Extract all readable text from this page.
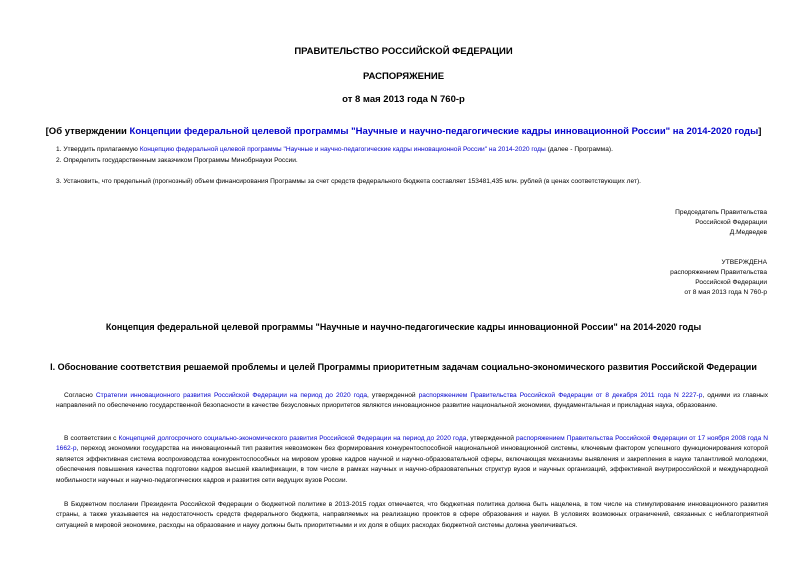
ПРАВИТЕЛЬСТВО РОССИЙСКОЙ ФЕДЕРАЦИИ
РАСПОРЯЖЕНИЕ
от 8 мая 2013 года N 760-р
[Об утверждении Концепции федеральной целевой программы "Научные и научно-педагогические кадры инновационной России" на 2014-2020 годы]
1. Утвердить прилагаемую Концепцию федеральной целевой программы "Научные и научно-педагогические кадры инновационной России" на 2014-2020 годы (далее - Программа).
2. Определить государственным заказчиком Программы Минобрнауки России.
3. Установить, что предельный (прогнозный) объем финансирования Программы за счет средств федерального бюджета составляет 153481,435 млн. рублей (в ценах соответствующих лет).
Председатель Правительства
Российской Федерации
Д.Медведев
УТВЕРЖДЕНА
распоряжением Правительства
Российской Федерации
от 8 мая 2013 года N 760-р
Концепция федеральной целевой программы "Научные и научно-педагогические кадры инновационной России" на 2014-2020 годы
I. Обоснование соответствия решаемой проблемы и целей Программы приоритетным задачам социально-экономического развития Российской Федерации
Согласно Стратегии инновационного развития Российской Федерации на период до 2020 года, утвержденной распоряжением Правительства Российской Федерации от 8 декабря 2011 года N 2227-р, одними из главных направлений по обеспечению государственной безопасности в качестве безусловных приоритетов являются инновационное развитие национальной экономики, фундаментальная и прикладная наука, образование.
В соответствии с Концепцией долгосрочного социально-экономического развития Российской Федерации на период до 2020 года, утвержденной распоряжением Правительства Российской Федерации от 17 ноября 2008 года N 1662-р, переход экономики государства на инновационный тип развития невозможен без формирования конкурентоспособной национальной инновационной системы, ключевым фактором успешного функционирования которой является эффективная система воспроизводства конкурентоспособных на мировом уровне кадров научной и научно-образовательной сферы, включающая механизмы выявления и закрепления в науке талантливой молодежи, обеспечения повышения качества подготовки кадров высшей квалификации, в том числе в рамках научных и научно-образовательных структур вузов и научных организаций, эффективной внутрироссийской и международной мобильности научных и научно-педагогических кадров и развития сети ведущих вузов России.
В Бюджетном послании Президента Российской Федерации о бюджетной политике в 2013-2015 годах отмечается, что бюджетная политика должна быть нацелена, в том числе на стимулирование инновационного развития страны, а также указывается на недостаточность средств федерального бюджета, направляемых на реализацию проектов в сфере образования и науки. В условиях возможных ограничений, связанных с неблагоприятной ситуацией в мировой экономике, расходы на образование и науку должны быть приоритетными и их доля в общих расходах бюджетной системы должна увеличиваться.
